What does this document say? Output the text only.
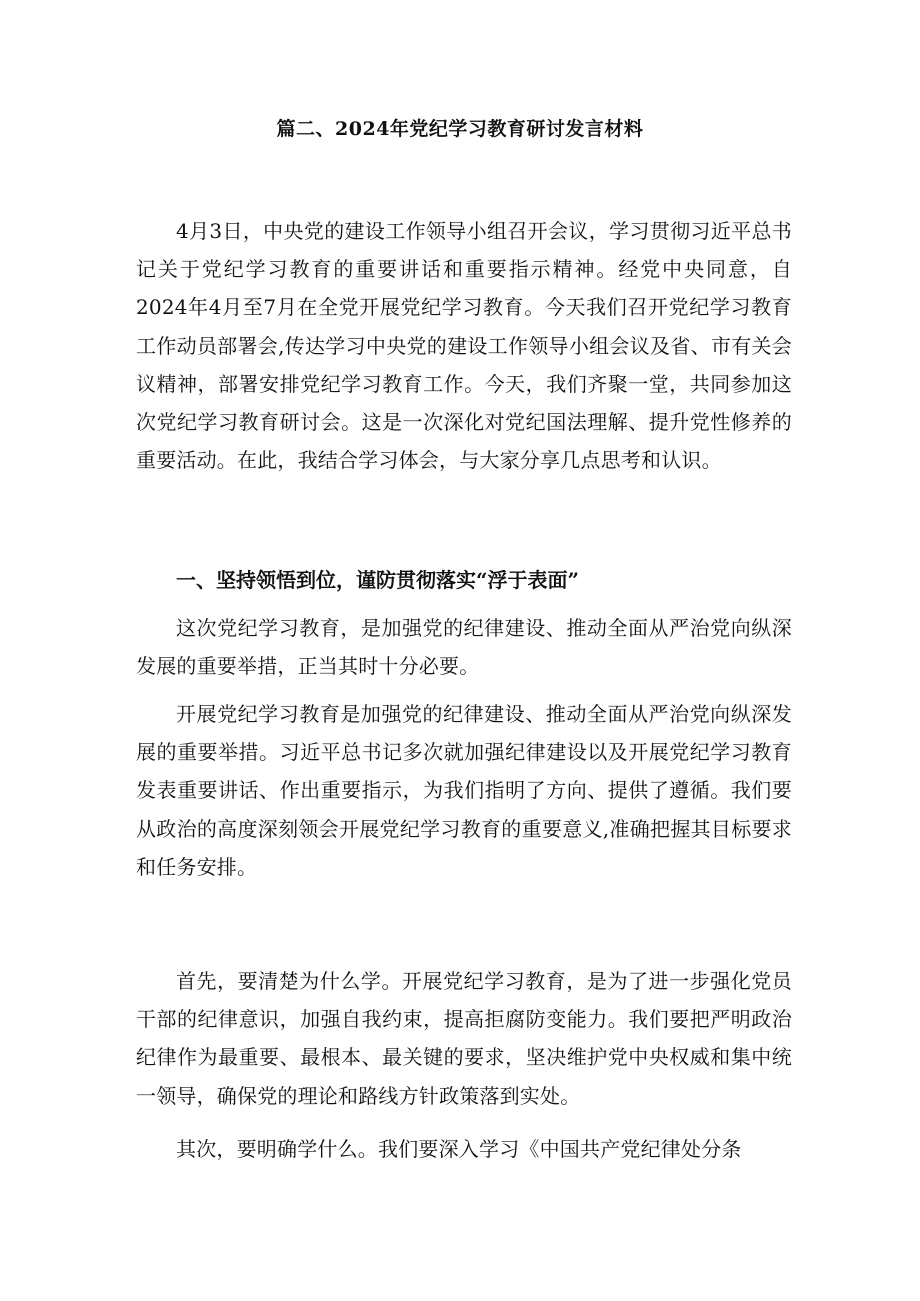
篇二、2024年党纪学习教育研讨发言材料

4月3日，中央党的建设工作领导小组召开会议，学习贯彻习近平总书记关于党纪学习教育的重要讲话和重要指示精神。经党中央同意，自2024年4月至7月在全党开展党纪学习教育。今天我们召开党纪学习教育工作动员部署会,传达学习中央党的建设工作领导小组会议及省、市有关会议精神，部署安排党纪学习教育工作。今天，我们齐聚一堂，共同参加这次党纪学习教育研讨会。这是一次深化对党纪国法理解、提升党性修养的重要活动。在此，我结合学习体会，与大家分享几点思考和认识。

一、坚持领悟到位，谨防贯彻落实“浮于表面”

这次党纪学习教育，是加强党的纪律建设、推动全面从严治党向纵深发展的重要举措，正当其时十分必要。

开展党纪学习教育是加强党的纪律建设、推动全面从严治党向纵深发展的重要举措。习近平总书记多次就加强纪律建设以及开展党纪学习教育发表重要讲话、作出重要指示，为我们指明了方向、提供了遵循。我们要从政治的高度深刻领会开展党纪学习教育的重要意义,准确把握其目标要求和任务安排。

首先，要清楚为什么学。开展党纪学习教育，是为了进一步强化党员干部的纪律意识，加强自我约束，提高拒腐防变能力。我们要把严明政治纪律作为最重要、最根本、最关键的要求，坚决维护党中央权威和集中统一领导，确保党的理论和路线方针政策落到实处。

其次，要明确学什么。我们要深入学习《中国共产党纪律处分条
